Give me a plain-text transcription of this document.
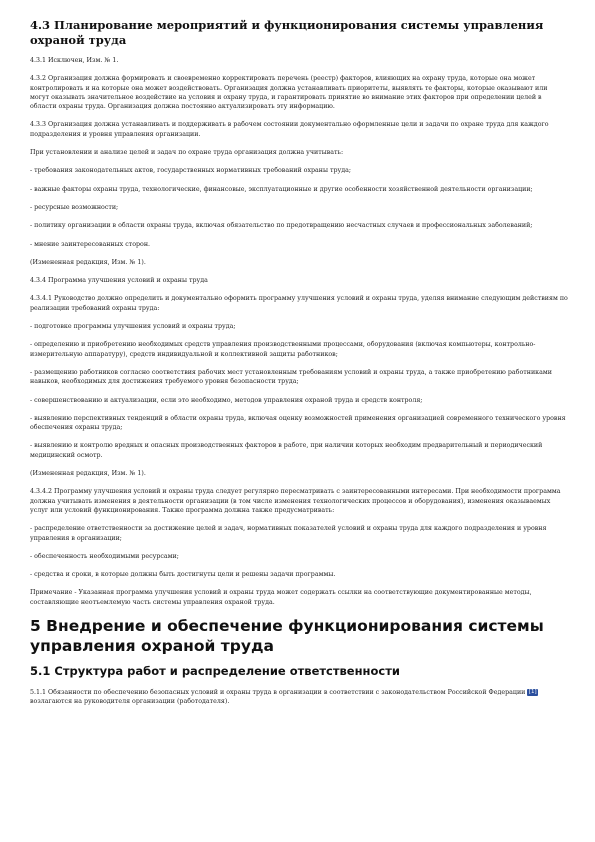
4.3 Планирование мероприятий и функционирования системы управления охраной труда

4.3.1 Исключен, Изм. № 1.

4.3.2 Организация должна формировать и своевременно корректировать перечень (реестр) факторов, влияющих на охрану труда, которые она может контролировать и на которые она может воздействовать. Организация должна устанавливать приоритеты, выявлять те факторы, которые оказывают или могут оказывать значительное воздействие на условия и охрану труда, и гарантировать принятие во внимание этих факторов при определении целей в области охраны труда. Организация должна постоянно актуализировать эту информацию.

4.3.3 Организация должна устанавливать и поддерживать в рабочем состоянии документально оформленные цели и задачи по охране труда для каждого подразделения и уровня управления организации.

При установлении и анализе целей и задач по охране труда организация должна учитывать:

- требования законодательных актов, государственных нормативных требований охраны труда;

- важные факторы охраны труда, технологические, финансовые, эксплуатационные и другие особенности хозяйственной деятельности организации;

- ресурсные возможности;

- политику организации в области охраны труда, включая обязательство по предотвращению несчастных случаев и профессиональных заболеваний;

- мнение заинтересованных сторон.

(Измененная редакция, Изм. № 1).

4.3.4 Программа улучшения условий и охраны труда

4.3.4.1 Руководство должно определить и документально оформить программу улучшения условий и охраны труда, уделяя внимание следующим действиям по реализации требований охраны труда:

- подготовке программы улучшения условий и охраны труда;

- определению и приобретению необходимых средств управления производственными процессами, оборудования (включая компьютеры, контрольно-измерительную аппаратуру), средств индивидуальной и коллективной защиты работников;

- размещению работников согласно соответствия рабочих мест установленным требованиям условий и охраны труда, а также приобретению работниками навыков, необходимых для достижения требуемого уровня безопасности труда;

- совершенствованию и актуализации, если это необходимо, методов управления охраной труда и средств контроля;

- выявлению перспективных тенденций в области охраны труда, включая оценку возможностей применения организацией современного технического уровня обеспечения охраны труда;

- выявлению и контролю вредных и опасных производственных факторов в работе, при наличии которых необходим предварительный и периодический медицинский осмотр.

(Измененная редакция, Изм. № 1).

4.3.4.2 Программу улучшения условий и охраны труда следует регулярно пересматривать с заинтересованными интересами. При необходимости программа должна учитывать изменения в деятельности организации (в том числе изменения технологических процессов и оборудования), изменения оказываемых услуг или условий функционирования. Также программа должна также предусматривать:

- распределение ответственности за достижение целей и задач, нормативных показателей условий и охраны труда для каждого подразделения и уровня управления в организации;

- обеспеченность необходимыми ресурсами;

- средства и сроки, в которые должны быть достигнуты цели и решены задачи программы.

Примечание - Указанная программа улучшения условий и охраны труда может содержать ссылки на соответствующие документированные методы, составляющие неотъемлемую часть системы управления охраной труда.

5 Внедрение и обеспечение функционирования системы управления охраной труда
5.1 Структура работ и распределение ответственности

5.1.1 Обязанности по обеспечению безопасных условий и охраны труда в организации в соответствии с законодательством Российской Федерации [1] возлагаются на руководителя организации (работодателя).
